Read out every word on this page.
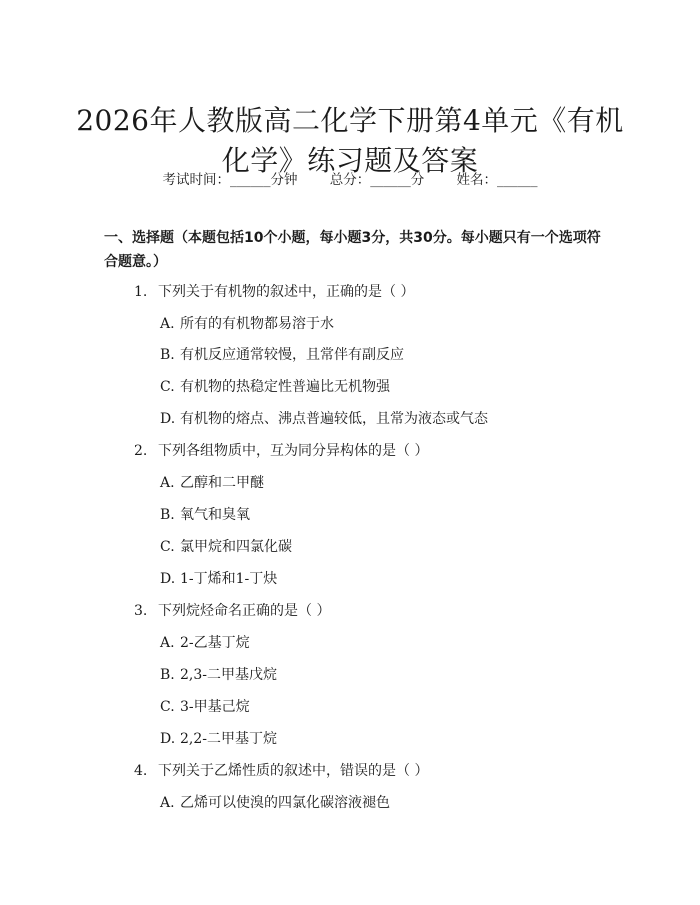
2026年人教版高二化学下册第4单元《有机
化学》练习题及答案
考试时间：______分钟 总分：______分 姓名：______
一、选择题（本题包括10个小题，每小题3分，共30分。每小题只有一个选项符合题意。）
1. 下列关于有机物的叙述中，正确的是（ ）
A. 所有的有机物都易溶于水
B. 有机反应通常较慢，且常伴有副反应
C. 有机物的热稳定性普遍比无机物强
D. 有机物的熔点、沸点普遍较低，且常为液态或气态
2. 下列各组物质中，互为同分异构体的是（ ）
A. 乙醇和二甲醚
B. 氧气和臭氧
C. 氯甲烷和四氯化碳
D. 1-丁烯和1-丁炔
3. 下列烷烃命名正确的是（ ）
A. 2-乙基丁烷
B. 2,3-二甲基戊烷
C. 3-甲基己烷
D. 2,2-二甲基丁烷
4. 下列关于乙烯性质的叙述中，错误的是（ ）
A. 乙烯可以使溴的四氯化碳溶液褪色
